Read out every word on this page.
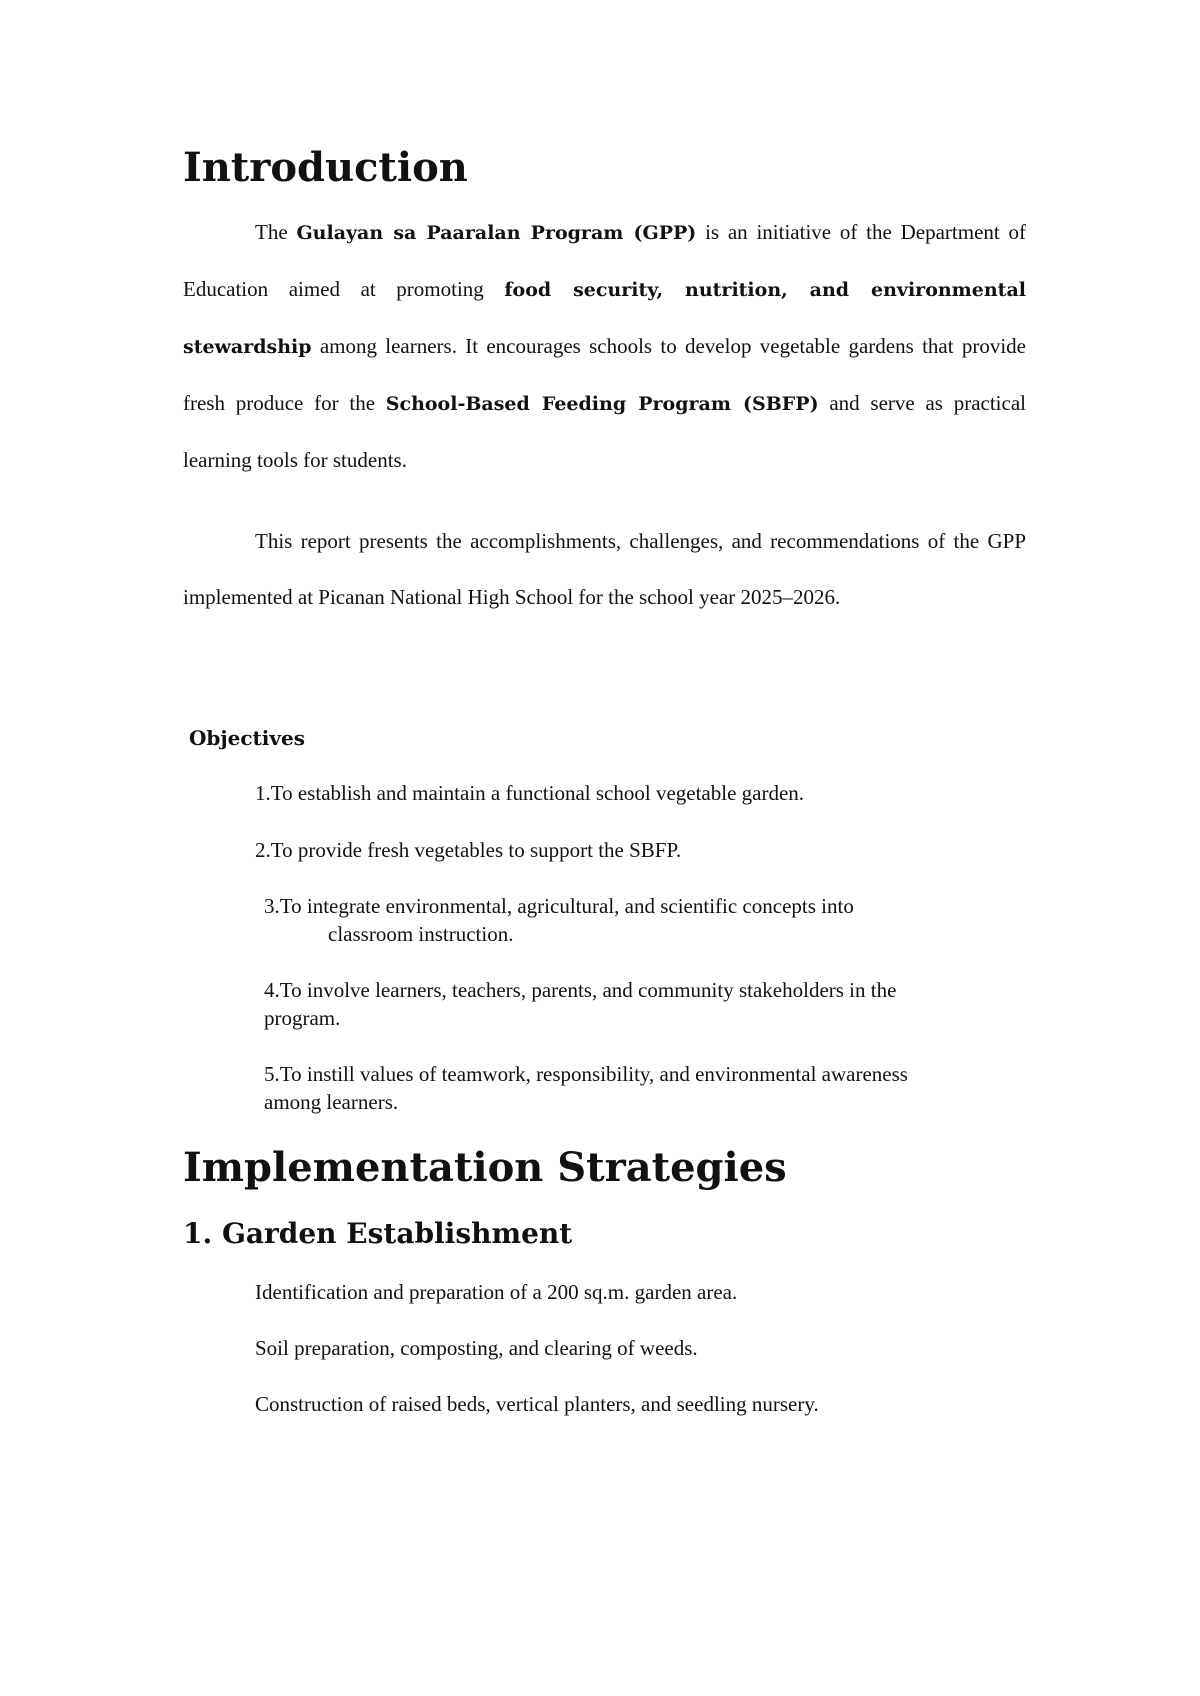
Introduction

The Gulayan sa Paaralan Program (GPP) is an initiative of the Department of Education aimed at promoting food security, nutrition, and environmental stewardship among learners. It encourages schools to develop vegetable gardens that provide fresh produce for the School-Based Feeding Program (SBFP) and serve as practical learning tools for students.

This report presents the accomplishments, challenges, and recommendations of the GPP implemented at Picanan National High School for the school year 2025–2026.

Objectives

1.To establish and maintain a functional school vegetable garden.

2.To provide fresh vegetables to support the SBFP.

3.To integrate environmental, agricultural, and scientific concepts into
classroom instruction.

4.To involve learners, teachers, parents, and community stakeholders in the
program.

5.To instill values of teamwork, responsibility, and environmental awareness
among learners.

Implementation Strategies
1. Garden Establishment

Identification and preparation of a 200 sq.m. garden area.

Soil preparation, composting, and clearing of weeds.

Construction of raised beds, vertical planters, and seedling nursery.
